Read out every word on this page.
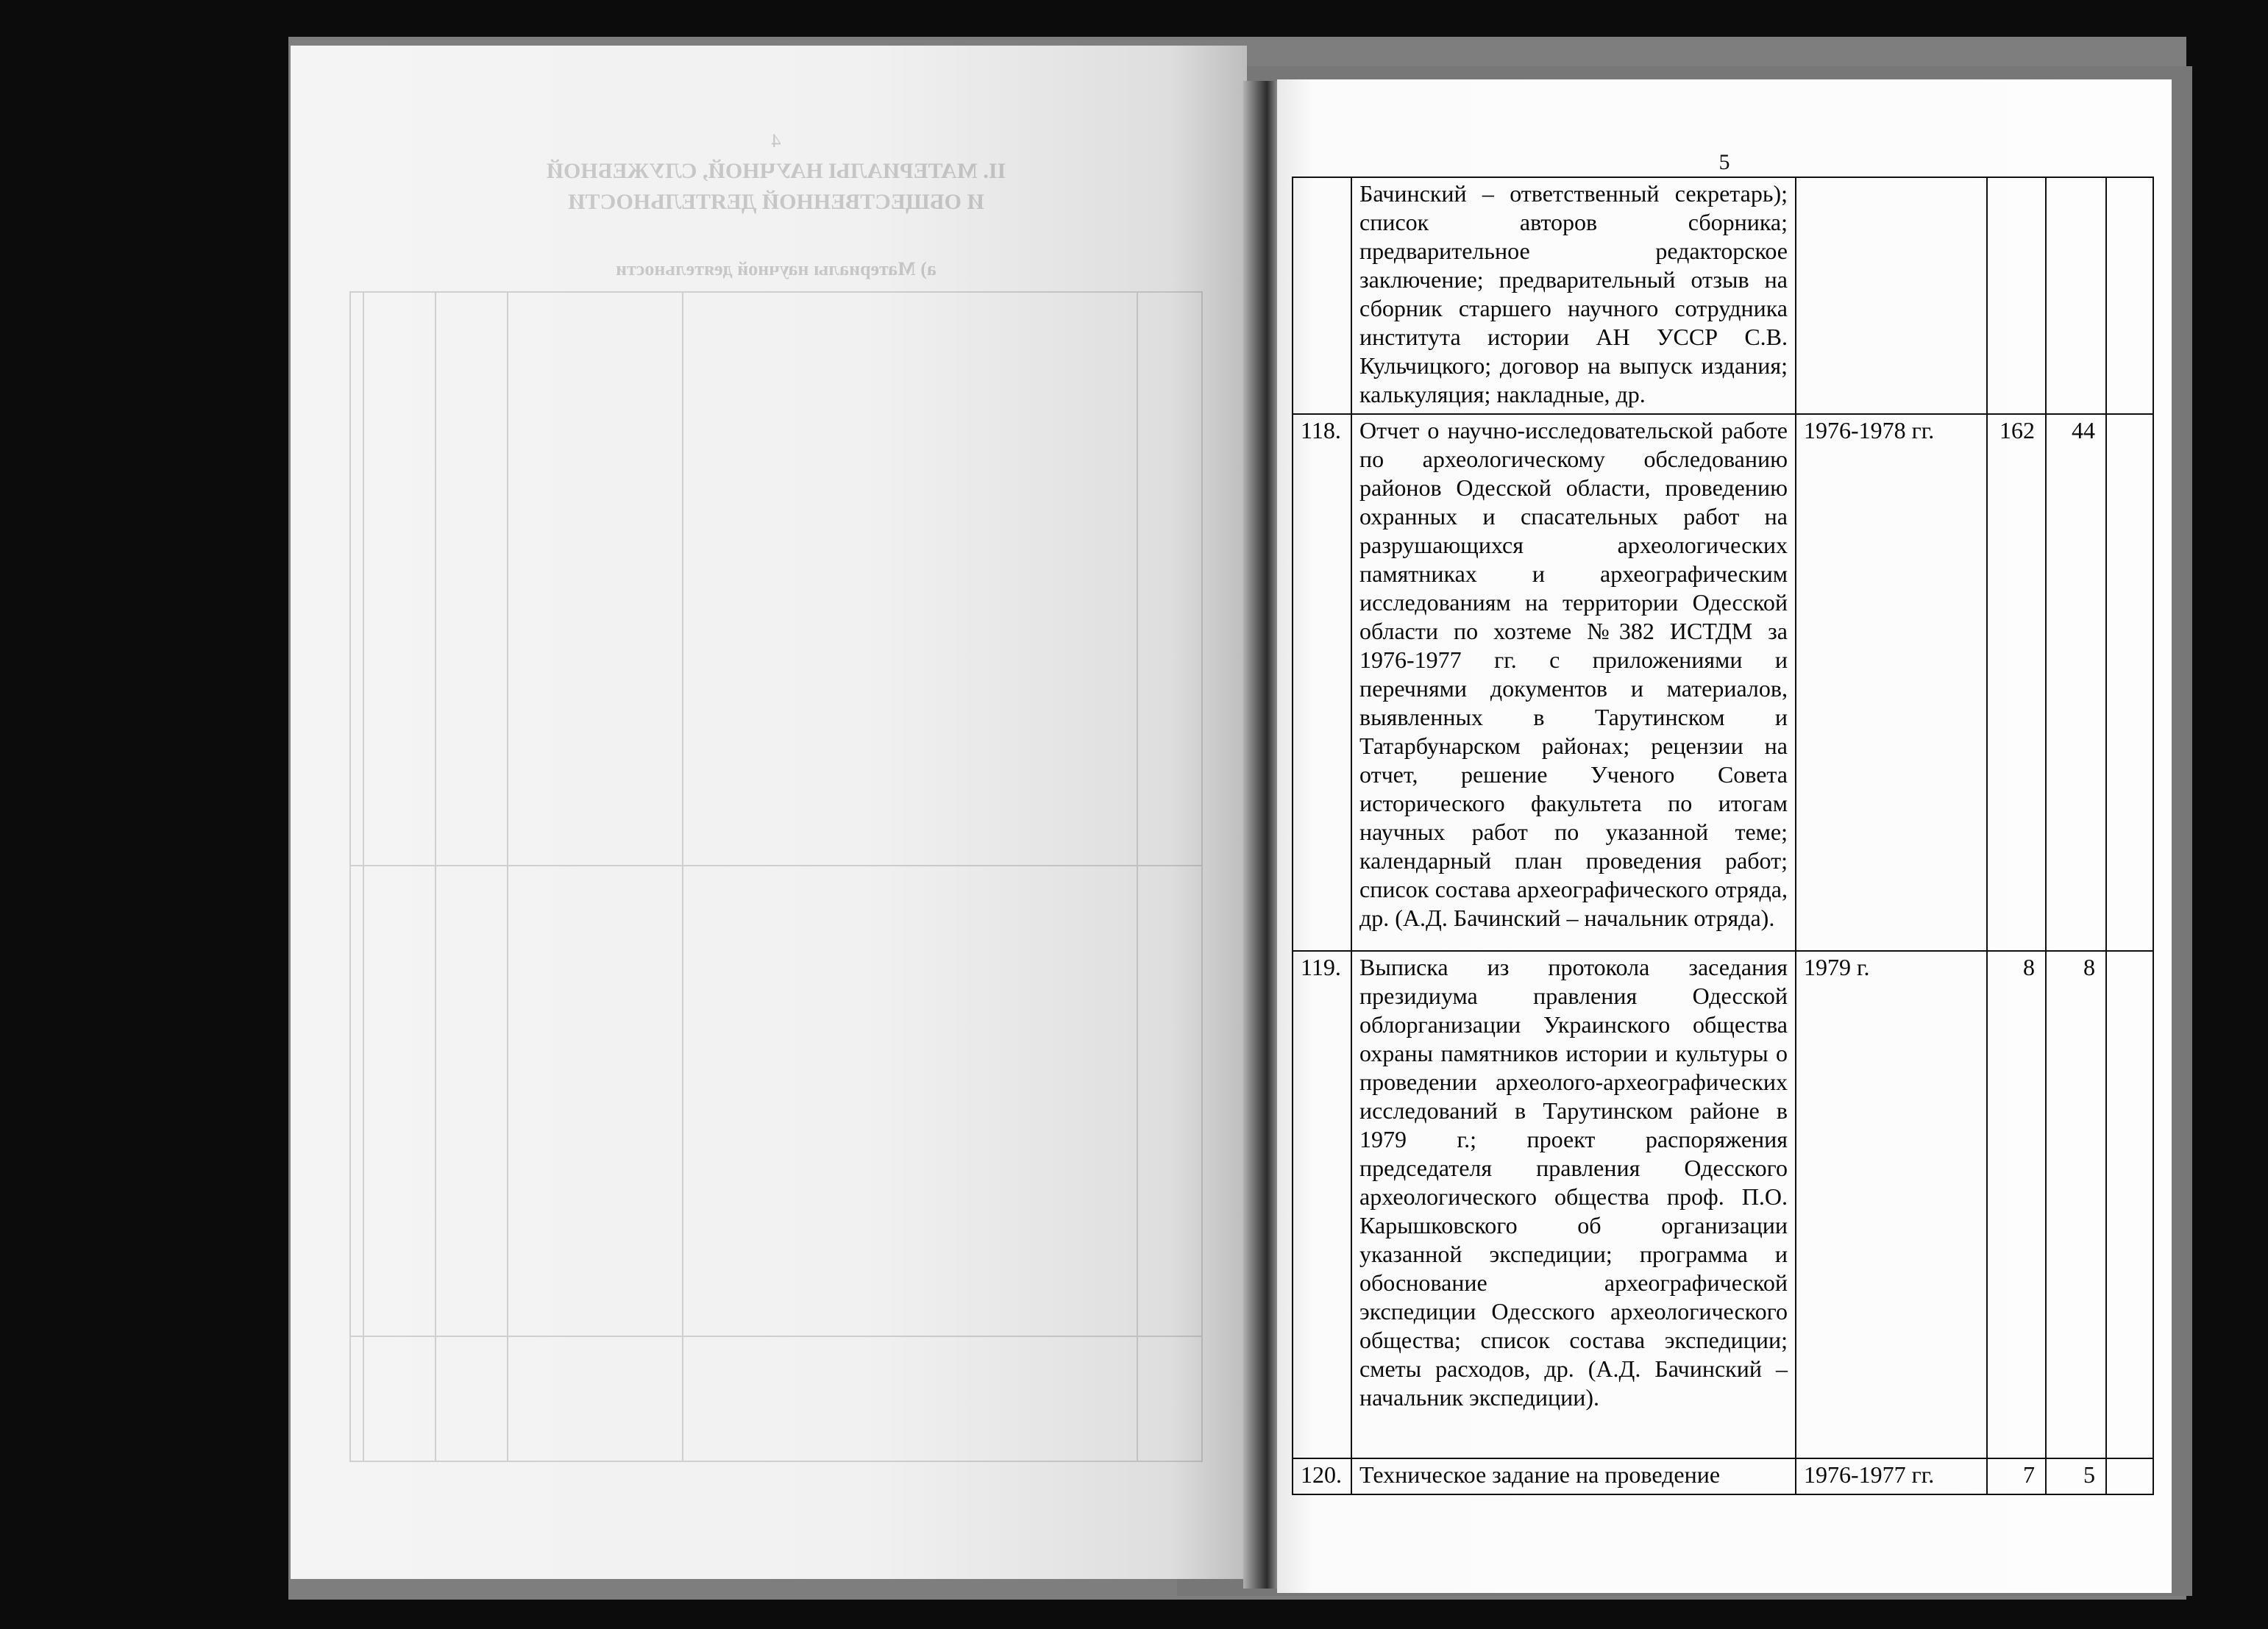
4
II. МАТЕРИАЛЫ НАУЧНОЙ, СЛУЖЕБНОЙ
И ОБЩЕСТВЕННОЙ ДЕЯТЕЛЬНОСТИ
а) Материалы научной деятельности

5
	Бачинский – ответственный секретарь); список авторов сборника; предварительное редакторское заключение; предварительный отзыв на сборник старшего научного сотрудника института истории АН УССР С.В. Кульчицкого; договор на выпуск издания; калькуляция; накладные, др.				
118.	Отчет о научно-исследовательской работе по археологическому обследованию районов Одесской области, проведению охранных и спасательных работ на разрушающихся археологических памятниках и археографическим исследованиям на территории Одесской области по хозтеме №382 ИСТДМ за 1976-1977 гг. с приложениями и перечнями документов и материалов, выявленных в Тарутинском и Татарбунарском районах; рецензии на отчет, решение Ученого Совета исторического факультета по итогам научных работ по указанной теме; календарный план проведения работ; список состава археографического отряда, др. (А.Д. Бачинский – начальник отряда).	1976-1978 гг.	162	44	
119.	Выписка из протокола заседания президиума правления Одесской облорганизации Украинского общества охраны памятников истории и культуры о проведении археолого-археографических исследований в Тарутинском районе в 1979 г.; проект распоряжения председателя правления Одесского археологического общества проф. П.О. Карышковского об организации указанной экспедиции; программа и обоснование археографической экспедиции Одесского археологического общества; список состава экспедиции; сметы расходов, др. (А.Д. Бачинский – начальник экспедиции).	1979 г.	8	8	
120.	Техническое задание на проведение	1976-1977 гг.	7	5	
